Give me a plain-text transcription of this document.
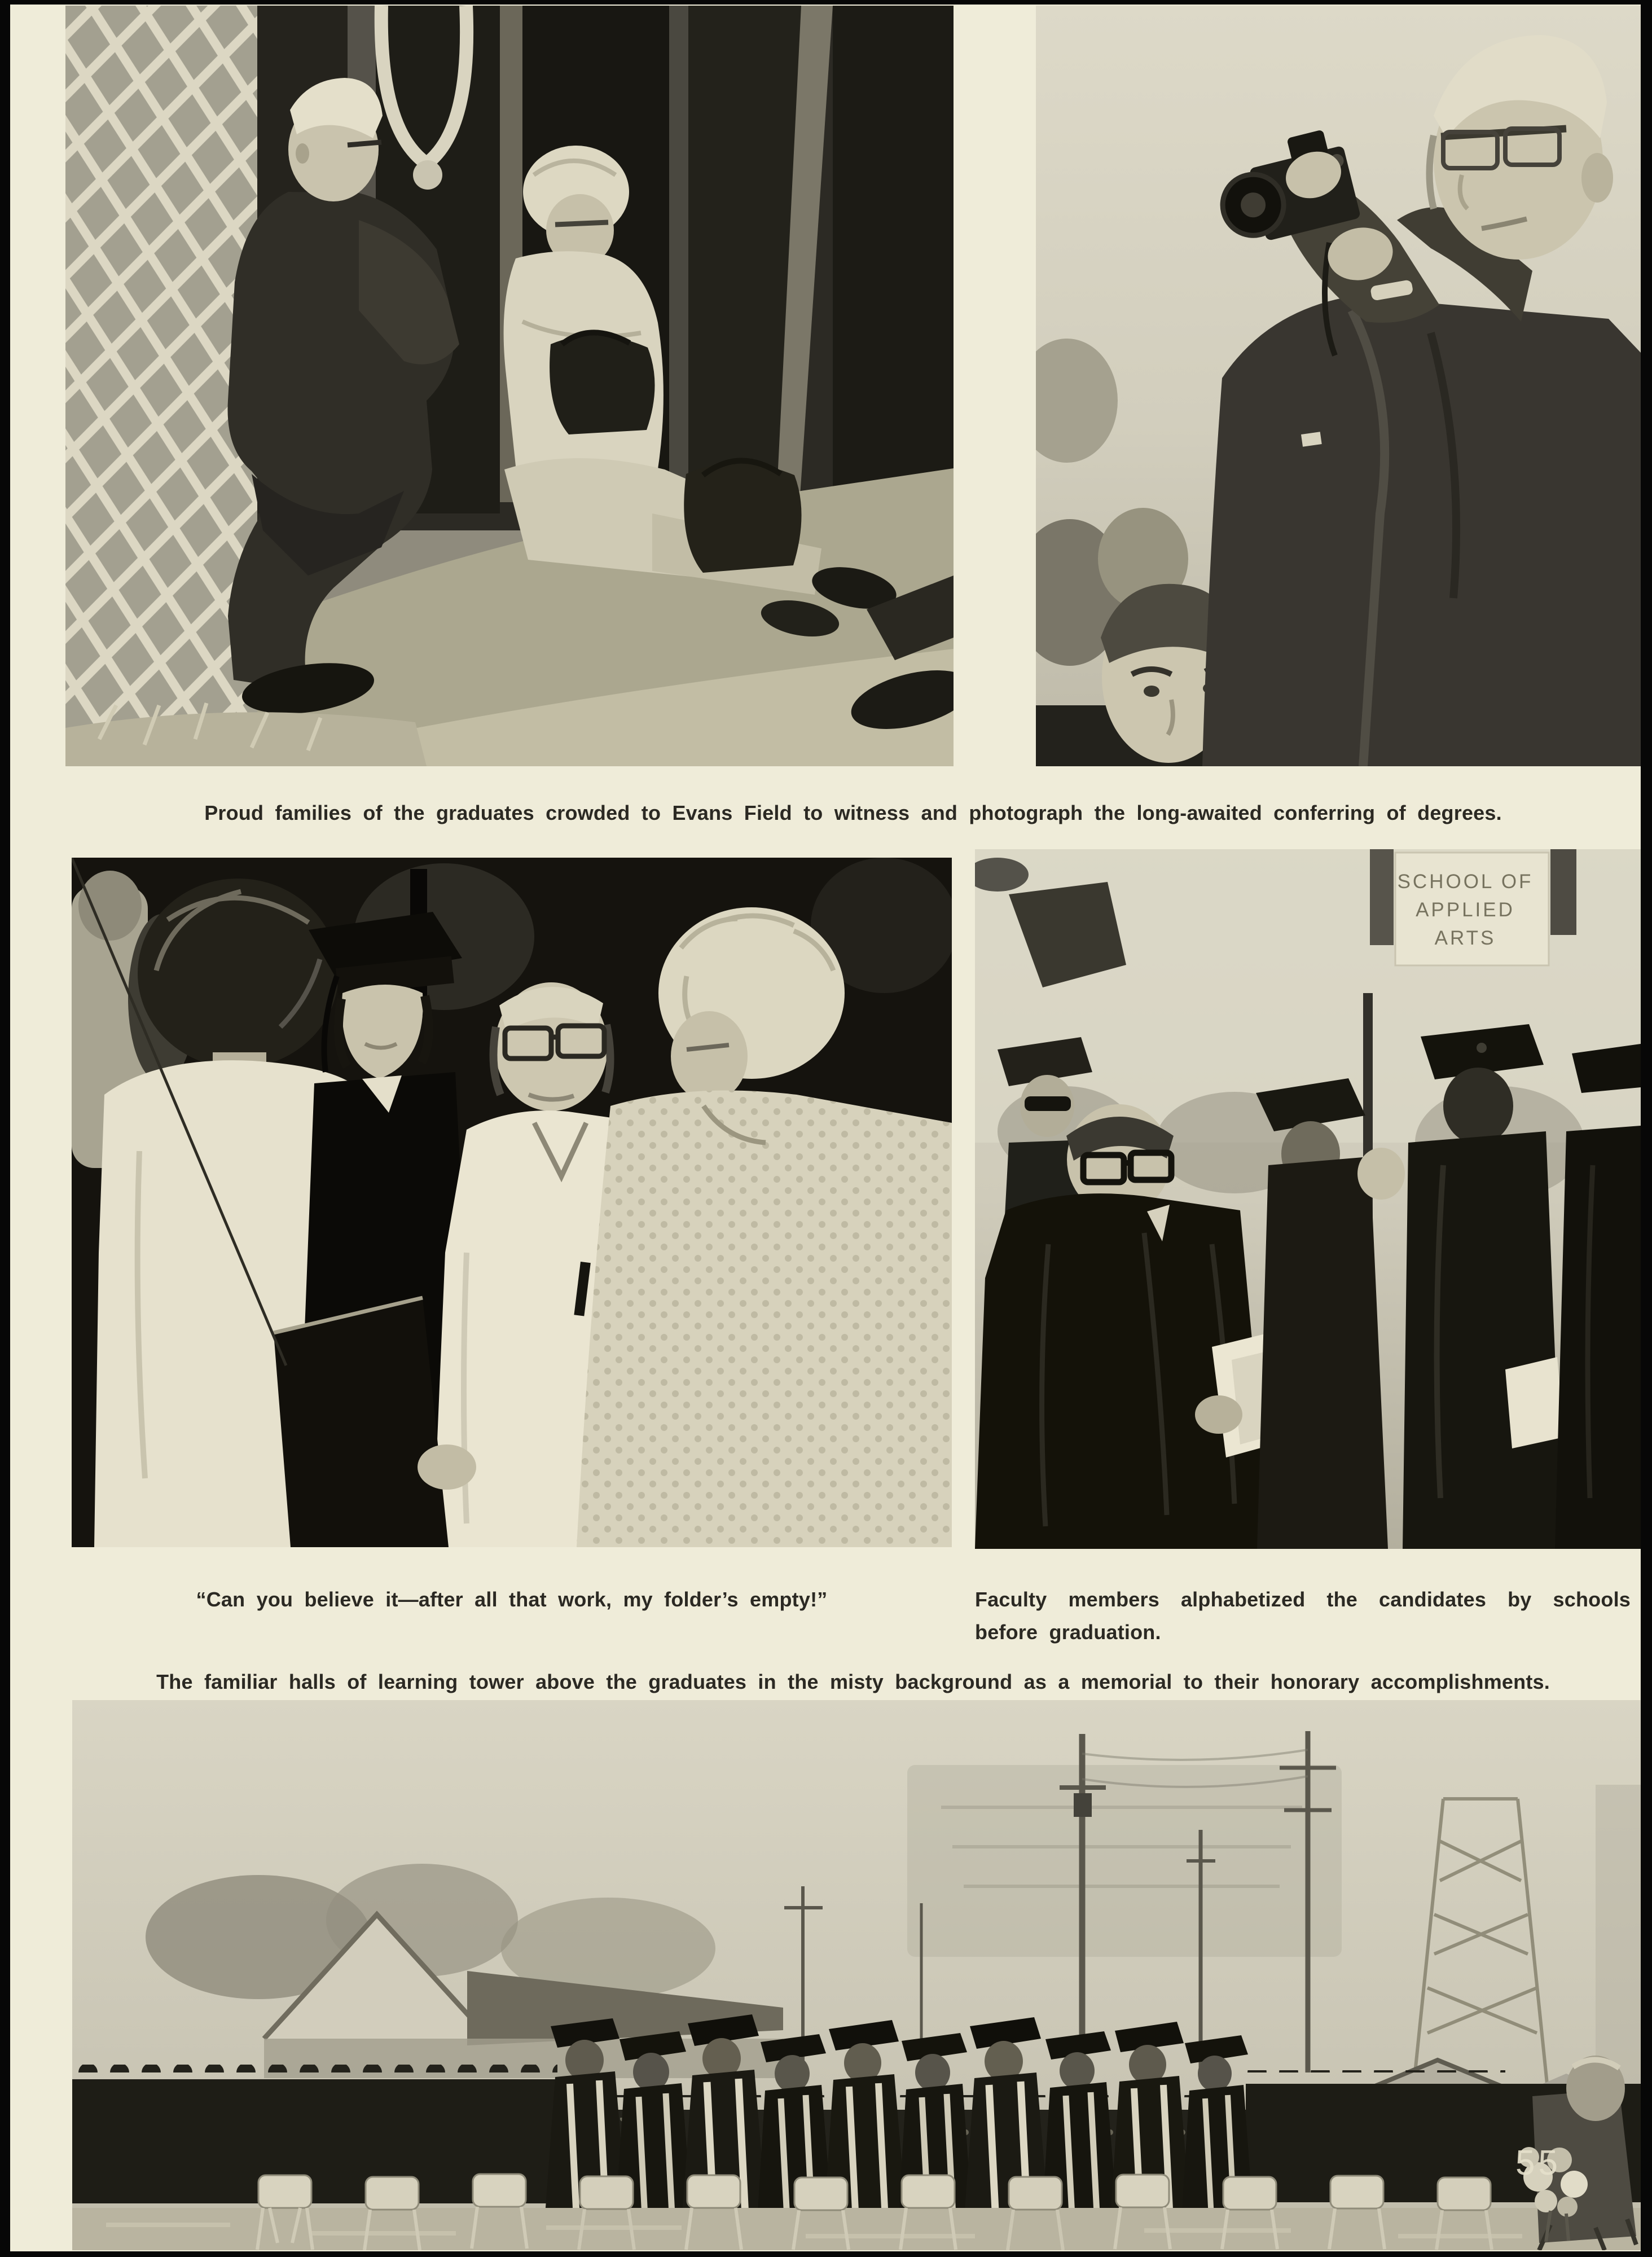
Proud families of the graduates crowded to Evans Field to witness and photograph the long-awaited conferring of degrees.
SCHOOL OF
APPLIED
ARTS
“Can you believe it—after all that work, my folder’s empty!”	Faculty members alphabetized the candidates by schools before graduation.
The familiar halls of learning tower above the graduates in the misty background as a memorial to their honorary accomplishments.
55
